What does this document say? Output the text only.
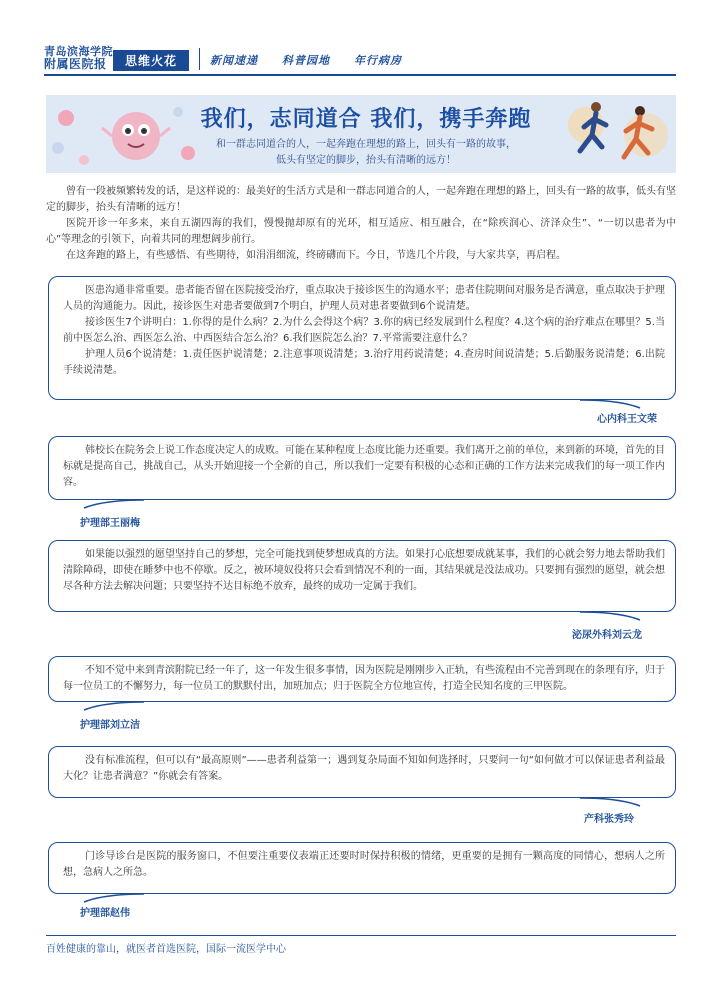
青岛滨海学院
附属医院报	思维火花	新闻速递 科普园地 年行病房
我们，志同道合 我们，携手奔跑
和一群志同道合的人，一起奔跑在理想的路上，回头有一路的故事，
低头有坚定的脚步，抬头有清晰的远方！

曾有一段被频繁转发的话，是这样说的：最美好的生活方式是和一群志同道合的人，一起奔跑在理想的路上，回头有一路的故事，低头有坚定的脚步，抬头有清晰的远方！

医院开诊一年多来，来自五湖四海的我们，慢慢抛却原有的光环，相互适应、相互融合，在“除疾润心、济泽众生”、“一切以患者为中心”等理念的引领下，向着共同的理想阔步前行。

在这奔跑的路上，有些感悟、有些期待，如涓涓细流，终磅礴而下。今日，节选几个片段，与大家共享，再启程。

医患沟通非常重要。患者能否留在医院接受治疗，重点取决于接诊医生的沟通水平；患者住院期间对服务是否满意，重点取决于护理人员的沟通能力。因此，接诊医生对患者要做到7个明白，护理人员对患者要做到6个说清楚。

接诊医生7个讲明白：1.你得的是什么病？2.为什么会得这个病？3.你的病已经发展到什么程度？4.这个病的治疗难点在哪里？5.当前中医怎么治、西医怎么治、中西医结合怎么治？6.我们医院怎么治？7.平常需要注意什么？

护理人员6个说清楚：1.责任医护说清楚；2.注意事项说清楚；3.治疗用药说清楚；4.查房时间说清楚；5.后勤服务说清楚；6.出院手续说清楚。

心内科王文荣

韩校长在院务会上说工作态度决定人的成败。可能在某种程度上态度比能力还重要。我们离开之前的单位，来到新的环境，首先的目标就是提高自己，挑战自己，从头开始迎接一个全新的自己，所以我们一定要有积极的心态和正确的工作方法来完成我们的每一项工作内容。

护理部王丽梅

如果能以强烈的愿望坚持自己的梦想，完全可能找到使梦想成真的方法。如果打心底想要成就某事，我们的心就会努力地去帮助我们清除障碍，即使在睡梦中也不停歇。反之，被环境奴役将只会看到情况不利的一面，其结果就是没法成功。只要拥有强烈的愿望，就会想尽各种方法去解决问题；只要坚持不达目标绝不放弃，最终的成功一定属于我们。

泌尿外科刘云龙

不知不觉中来到青滨附院已经一年了，这一年发生很多事情，因为医院是刚刚步入正轨，有些流程由不完善到现在的条理有序，归于每一位员工的不懈努力，每一位员工的默默付出，加班加点；归于医院全方位地宣传，打造全民知名度的三甲医院。

护理部刘立洁

没有标准流程，但可以有“最高原则”——患者利益第一；遇到复杂局面不知如何选择时，只要问一句“如何做才可以保证患者利益最大化？让患者满意？”你就会有答案。

产科张秀玲

门诊导诊台是医院的服务窗口，不但要注重要仪表端正还要时时保持积极的情绪，更重要的是拥有一颗高度的同情心，想病人之所想，急病人之所急。

护理部赵伟
百姓健康的靠山，就医者首选医院，国际一流医学中心
